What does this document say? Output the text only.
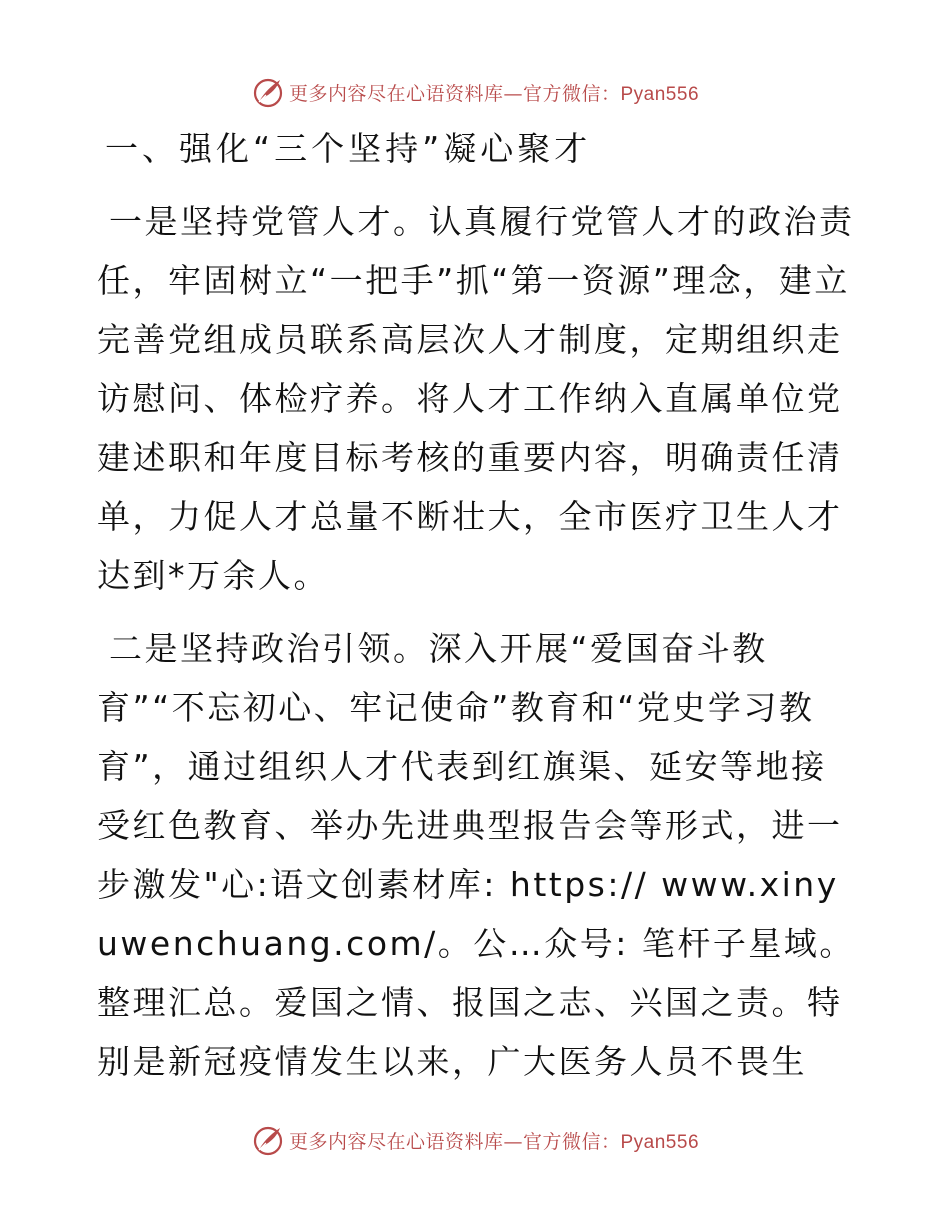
更多内容尽在心语资料库—官方微信：Pyan556
一、强化“三个坚持”凝心聚才

一是坚持党管人才。认真履行党管人才的政治责任，牢固树立“一把手”抓“第一资源”理念，建立完善党组成员联系高层次人才制度，定期组织走访慰问、体检疗养。将人才工作纳入直属单位党建述职和年度目标考核的重要内容，明确责任清单，力促人才总量不断壮大，全市医疗卫生人才达到*万余人。

二是坚持政治引领。深入开展“爱国奋斗教育”“不忘初心、牢记使命”教育和“党史学习教育”，通过组织人才代表到红旗渠、延安等地接受红色教育、举办先进典型报告会等形式，进一步激发"心:语文创素材库: https:// www.xinyuwenchuang.com/。公…众号: 笔杆子星域。整理汇总。爱国之情、报国之志、兴国之责。特别是新冠疫情发生以来，广大医务人员不畏生

更多内容尽在心语资料库—官方微信：Pyan556
